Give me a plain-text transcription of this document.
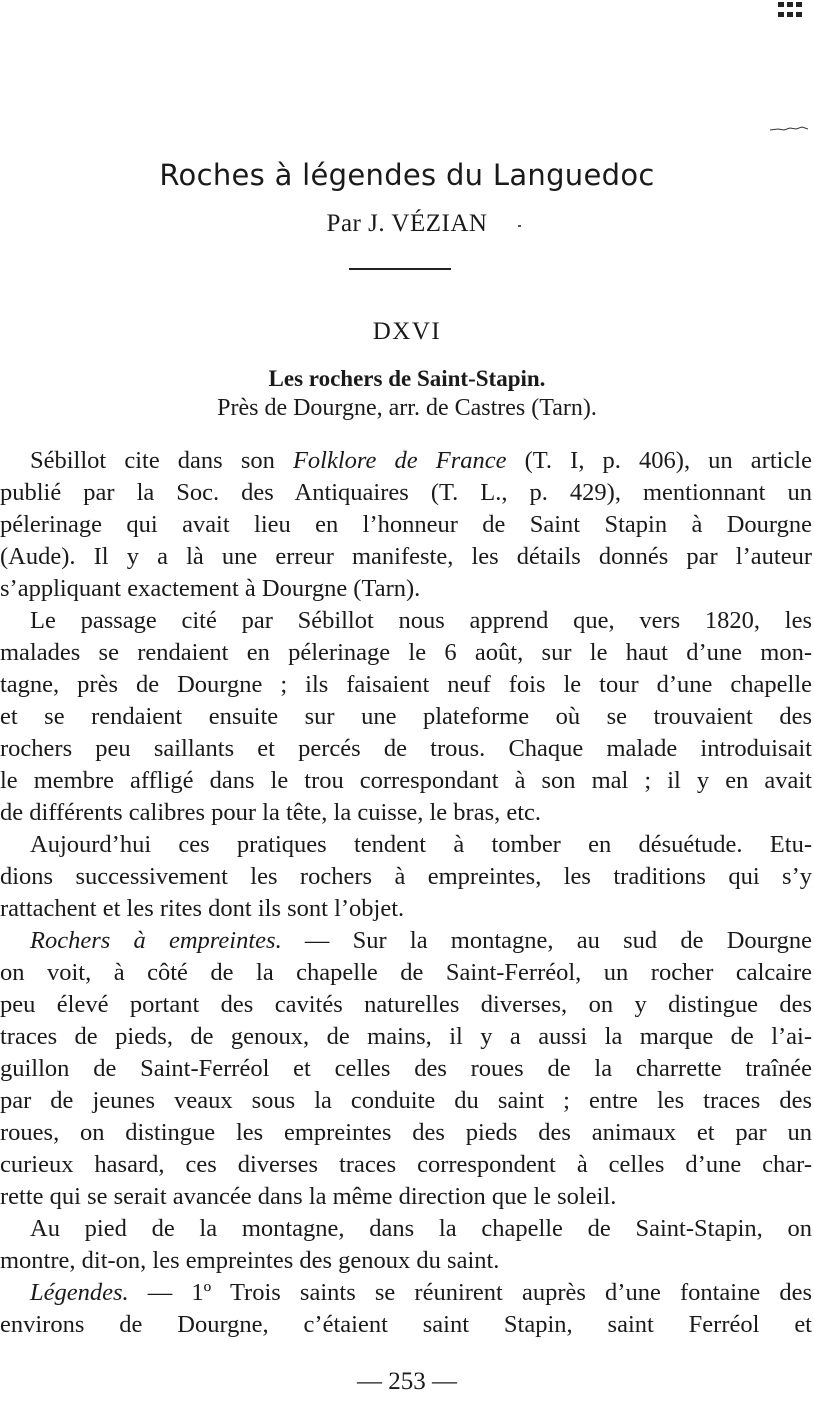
Roches à légendes du Languedoc
Par J. VÉZIAN
DXVI
Les rochers de Saint-Stapin.
Près de Dourgne, arr. de Castres (Tarn).
Sébillot cite dans son Folklore de France (T. I, p. 406), un article
publié par la Soc. des Antiquaires (T. L., p. 429), mentionnant un
pélerinage qui avait lieu en l’honneur de Saint Stapin à Dourgne
(Aude). Il y a là une erreur manifeste, les détails donnés par l’auteur
s’appliquant exactement à Dourgne (Tarn).
Le passage cité par Sébillot nous apprend que, vers 1820, les
malades se rendaient en pélerinage le 6 août, sur le haut d’une mon-
tagne, près de Dourgne ; ils faisaient neuf fois le tour d’une chapelle
et se rendaient ensuite sur une plateforme où se trouvaient des
rochers peu saillants et percés de trous. Chaque malade introduisait
le membre affligé dans le trou correspondant à son mal ; il y en avait
de différents calibres pour la tête, la cuisse, le bras, etc.
Aujourd’hui ces pratiques tendent à tomber en désuétude. Etu-
dions successivement les rochers à empreintes, les traditions qui s’y
rattachent et les rites dont ils sont l’objet.
Rochers à empreintes. — Sur la montagne, au sud de Dourgne
on voit, à côté de la chapelle de Saint-Ferréol, un rocher calcaire
peu élevé portant des cavités naturelles diverses, on y distingue des
traces de pieds, de genoux, de mains, il y a aussi la marque de l’ai-
guillon de Saint-Ferréol et celles des roues de la charrette traînée
par de jeunes veaux sous la conduite du saint ; entre les traces des
roues, on distingue les empreintes des pieds des animaux et par un
curieux hasard, ces diverses traces correspondent à celles d’une char-
rette qui se serait avancée dans la même direction que le soleil.
Au pied de la montagne, dans la chapelle de Saint-Stapin, on
montre, dit-on, les empreintes des genoux du saint.
Légendes. — 1º Trois saints se réunirent auprès d’une fontaine des
environs de Dourgne, c’étaient saint Stapin, saint Ferréol et
— 253 —
